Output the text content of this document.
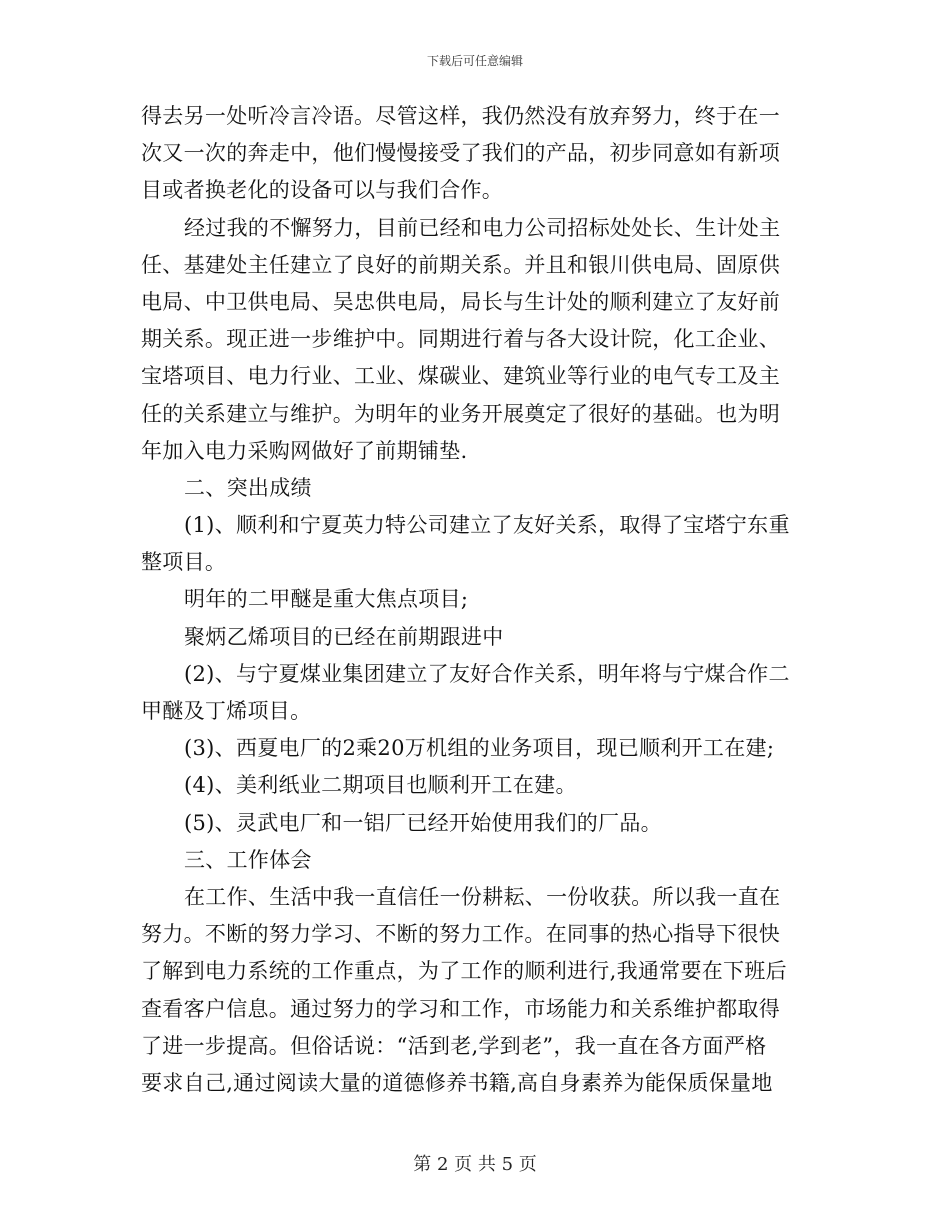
下载后可任意编辑
得去另一处听冷言冷语。尽管这样，我仍然没有放弃努力，终于在一
次又一次的奔走中，他们慢慢接受了我们的产品，初步同意如有新项
目或者换老化的设备可以与我们合作。
经过我的不懈努力，目前已经和电力公司招标处处长、生计处主
任、基建处主任建立了良好的前期关系。并且和银川供电局、固原供
电局、中卫供电局、吴忠供电局，局长与生计处的顺利建立了友好前
期关系。现正进一步维护中。同期进行着与各大设计院，化工企业、
宝塔项目、电力行业、工业、煤碳业、建筑业等行业的电气专工及主
任的关系建立与维护。为明年的业务开展奠定了很好的基础。也为明
年加入电力采购网做好了前期铺垫.
二、突出成绩
(1)、顺利和宁夏英力特公司建立了友好关系，取得了宝塔宁东重
整项目。
明年的二甲醚是重大焦点项目;
聚炳乙烯项目的已经在前期跟进中
(2)、与宁夏煤业集团建立了友好合作关系，明年将与宁煤合作二
甲醚及丁烯项目。
(3)、西夏电厂的2乘20万机组的业务项目，现已顺利开工在建;
(4)、美利纸业二期项目也顺利开工在建。
(5)、灵武电厂和一铝厂已经开始使用我们的厂品。
三、工作体会
在工作、生活中我一直信任一份耕耘、一份收获。所以我一直在
努力。不断的努力学习、不断的努力工作。在同事的热心指导下很快
了解到电力系统的工作重点，为了工作的顺利进行,我通常要在下班后
查看客户信息。通过努力的学习和工作，市场能力和关系维护都取得
了进一步提高。但俗话说：“活到老,学到老”，我一直在各方面严格
要求自己,通过阅读大量的道德修养书籍,高自身素养为能保质保量地
第 2 页 共 5 页
